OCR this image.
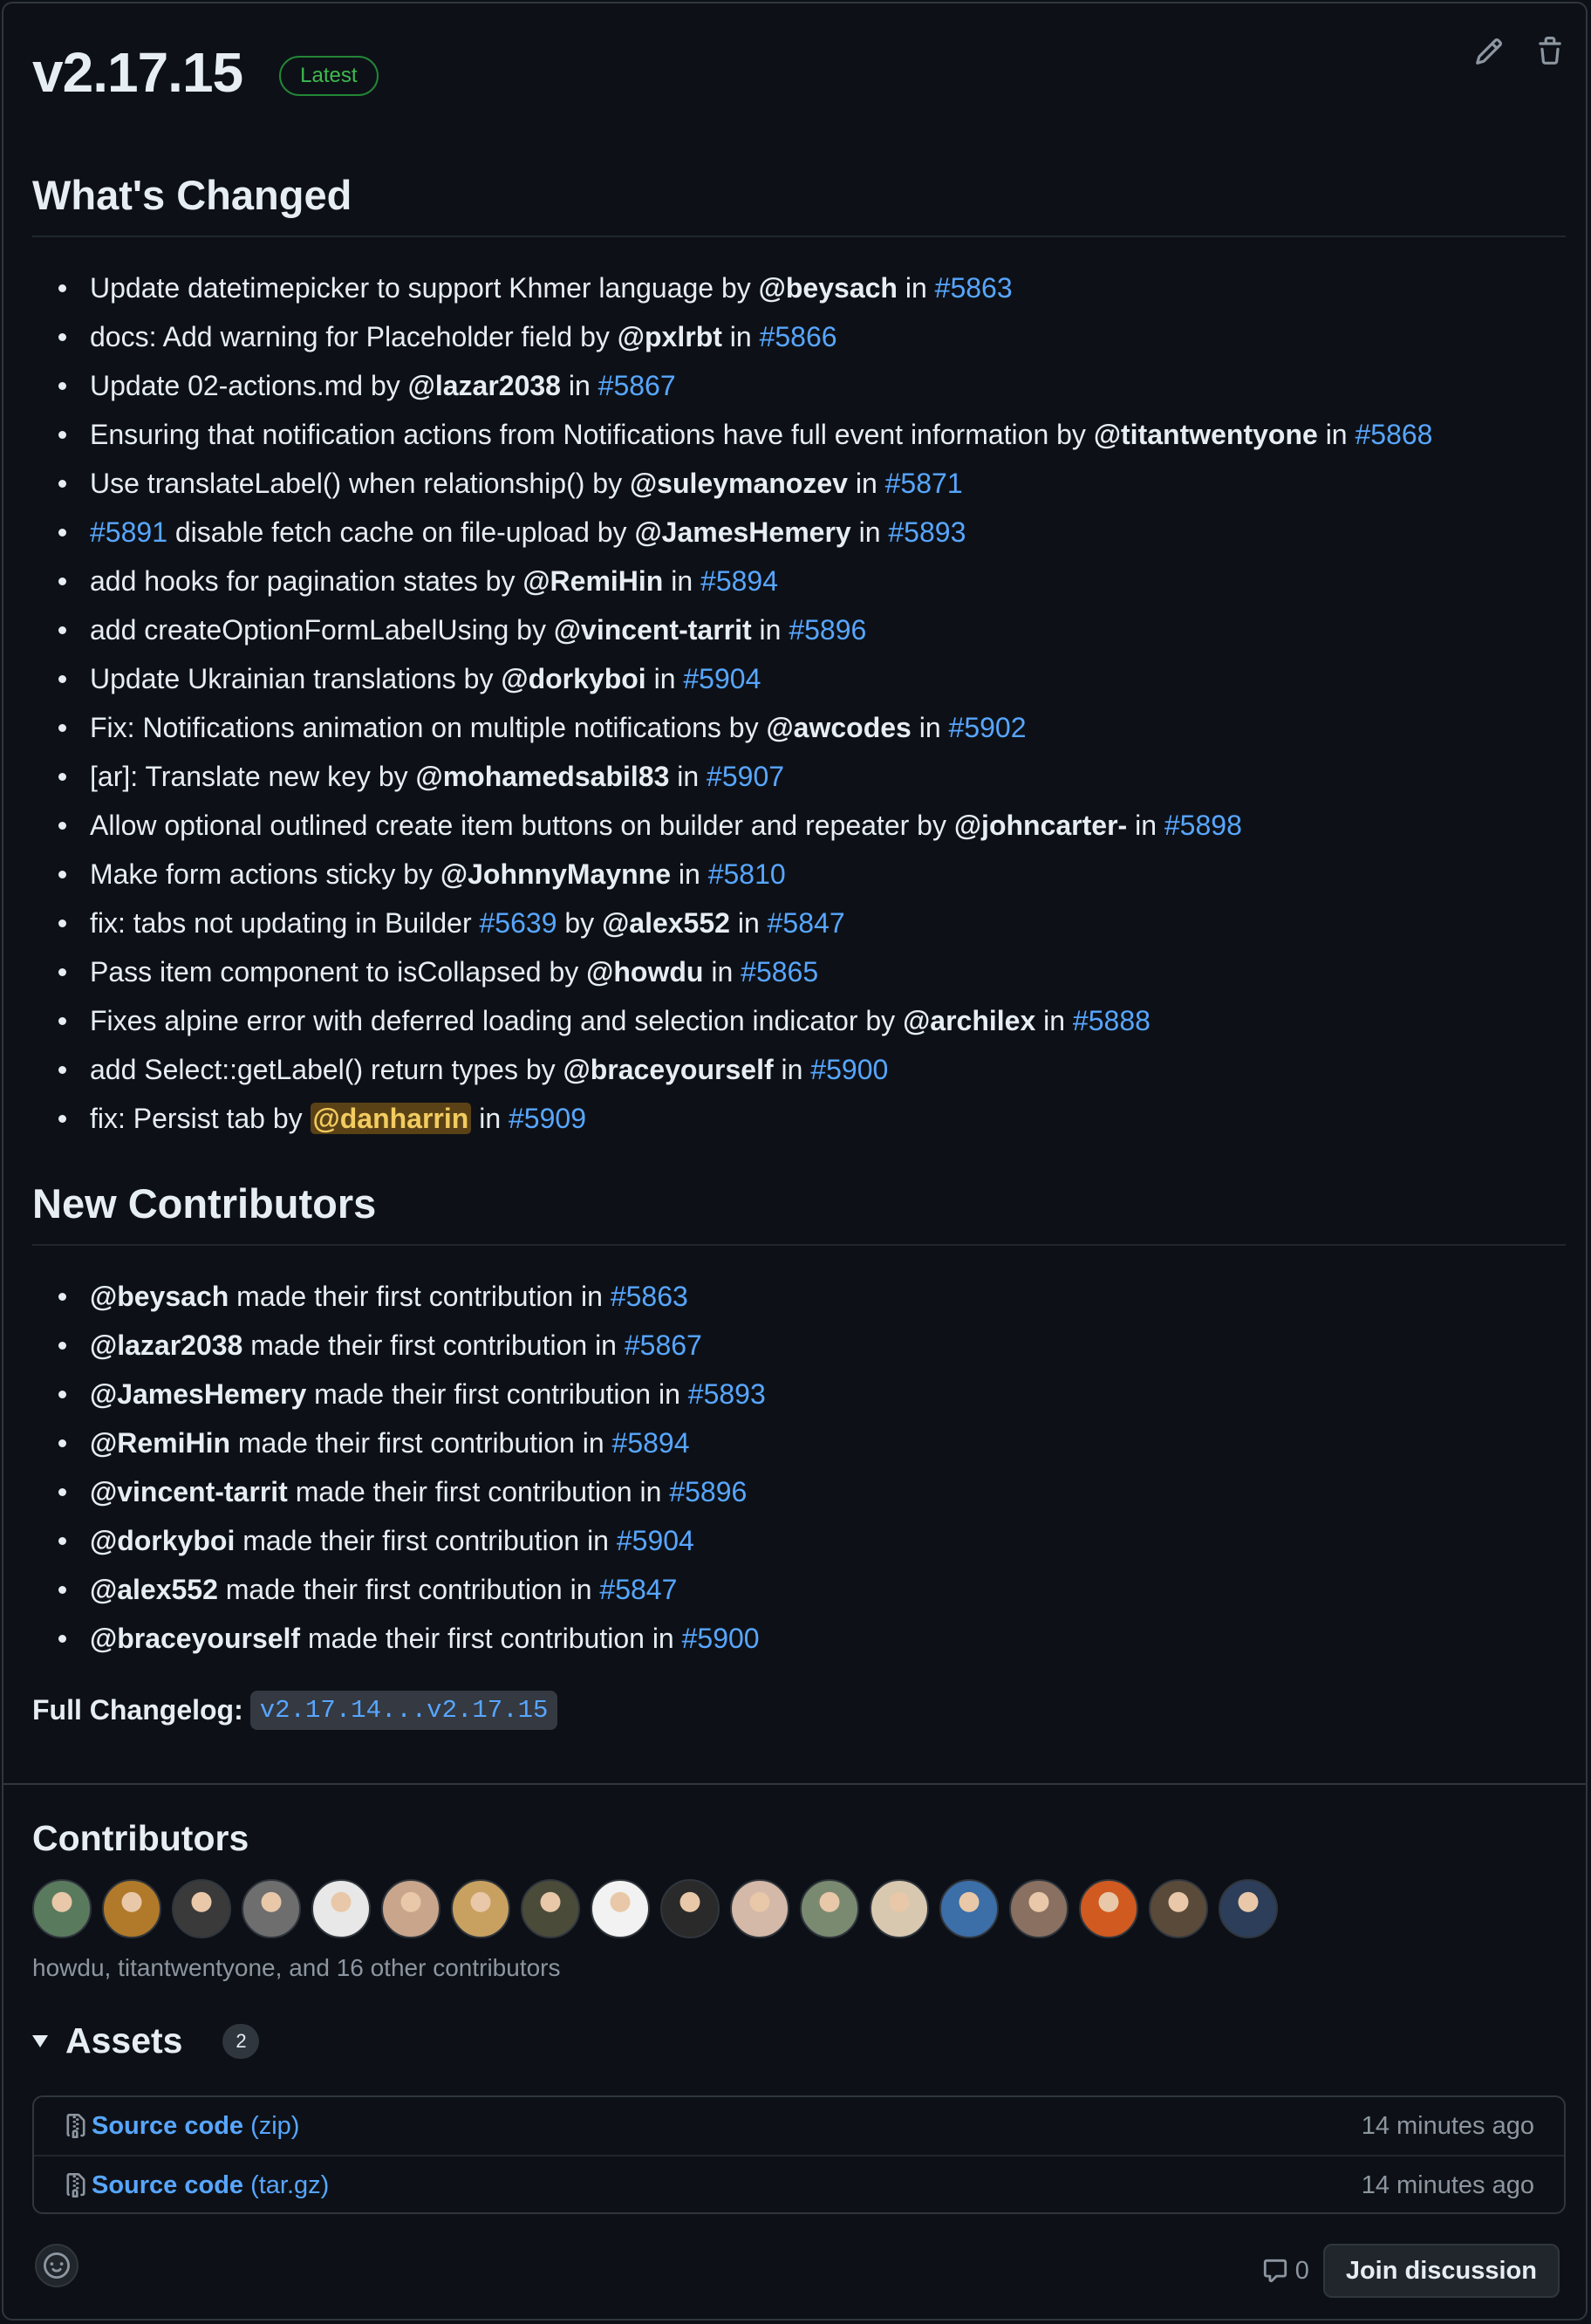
v2.17.15	Latest
What's Changed
Update datetimepicker to support Khmer language by @beysach in #5863
docs: Add warning for Placeholder field by @pxlrbt in #5866
Update 02-actions.md by @lazar2038 in #5867
Ensuring that notification actions from Notifications have full event information by @titantwentyone in #5868
Use translateLabel() when relationship() by @suleymanozev in #5871
#5891 disable fetch cache on file-upload by @JamesHemery in #5893
add hooks for pagination states by @RemiHin in #5894
add createOptionFormLabelUsing by @vincent-tarrit in #5896
Update Ukrainian translations by @dorkyboi in #5904
Fix: Notifications animation on multiple notifications by @awcodes in #5902
[ar]: Translate new key by @mohamedsabil83 in #5907
Allow optional outlined create item buttons on builder and repeater by @johncarter- in #5898
Make form actions sticky by @JohnnyMaynne in #5810
fix: tabs not updating in Builder #5639 by @alex552 in #5847
Pass item component to isCollapsed by @howdu in #5865
Fixes alpine error with deferred loading and selection indicator by @archilex in #5888
add Select::getLabel() return types by @braceyourself in #5900
fix: Persist tab by @danharrin in #5909
New Contributors
@beysach made their first contribution in #5863
@lazar2038 made their first contribution in #5867
@JamesHemery made their first contribution in #5893
@RemiHin made their first contribution in #5894
@vincent-tarrit made their first contribution in #5896
@dorkyboi made their first contribution in #5904
@alex552 made their first contribution in #5847
@braceyourself made their first contribution in #5900
Full Changelog: v2.17.14...v2.17.15
Contributors
howdu, titantwentyone, and 16 other contributors
Assets	2
Source code (zip)	14 minutes ago
Source code (tar.gz)	14 minutes ago
0	Join discussion
